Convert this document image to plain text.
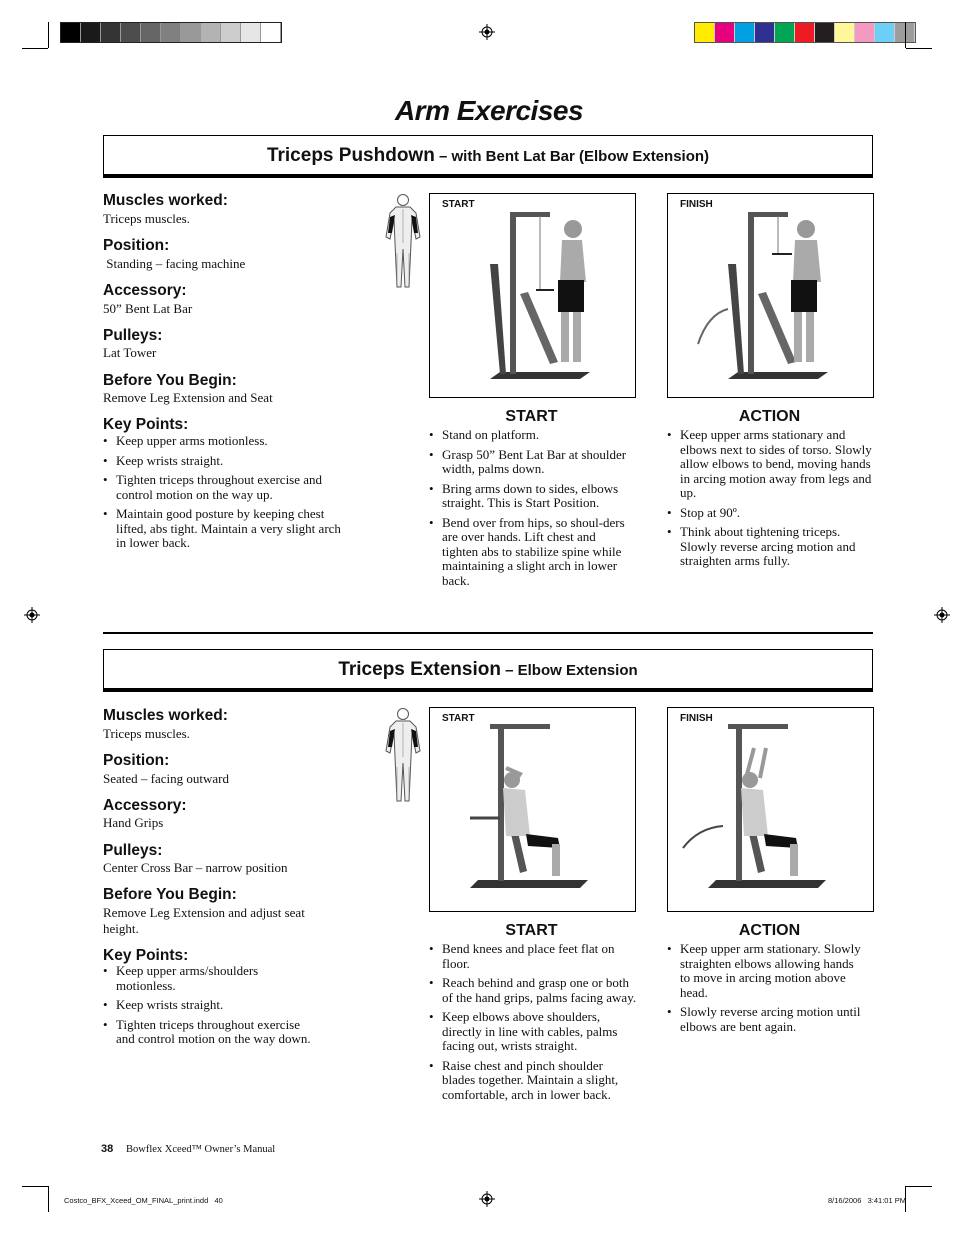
Arm Exercises
Triceps Pushdown – with Bent Lat Bar (Elbow Extension)
Muscles worked:
Triceps muscles.
Position:
Standing – facing machine
Accessory:
50” Bent Lat Bar
Pulleys:
Lat Tower
Before You Begin:
Remove Leg Extension and Seat
Key Points:
• Keep upper arms motionless.
• Keep wrists straight.
• Tighten triceps throughout exercise and control motion on the way up.
• Maintain good posture by keeping chest lifted, abs tight. Maintain a very slight arch in lower back.
START	FINISH
START
• Stand on platform.
• Grasp 50” Bent Lat Bar at shoulder width, palms down.
• Bring arms down to sides, elbows straight. This is Start Position.
• Bend over from hips, so shoul-ders are over hands. Lift chest and tighten abs to stabilize spine while maintaining a slight arch in lower back.
ACTION
• Keep upper arms stationary and elbows next to sides of torso. Slowly allow elbows to bend, moving hands in arcing motion away from legs and up.
• Stop at 90º.
• Think about tightening triceps. Slowly reverse arcing motion and straighten arms fully.
Triceps Extension – Elbow Extension
Muscles worked:
Triceps muscles.
Position:
Seated – facing outward
Accessory:
Hand Grips
Pulleys:
Center Cross Bar – narrow position
Before You Begin:
Remove Leg Extension and adjust seat height.
Key Points:
• Keep upper arms/shoulders motionless.
• Keep wrists straight.
• Tighten triceps throughout exercise and control motion on the way down.
START	FINISH
START
• Bend knees and place feet flat on floor.
• Reach behind and grasp one or both of the hand grips, palms facing away.
• Keep elbows above shoulders, directly in line with cables, palms facing out, wrists straight.
• Raise chest and pinch shoulder blades together. Maintain a slight, comfortable, arch in lower back.
ACTION
• Keep upper arm stationary. Slowly straighten elbows allowing hands to move in arcing motion above head.
• Slowly reverse arcing motion until elbows are bent again.
38 Bowflex Xceed™ Owner’s Manual
Costco_BFX_Xceed_OM_FINAL_print.indd   40	8/16/2006   3:41:01 PM
